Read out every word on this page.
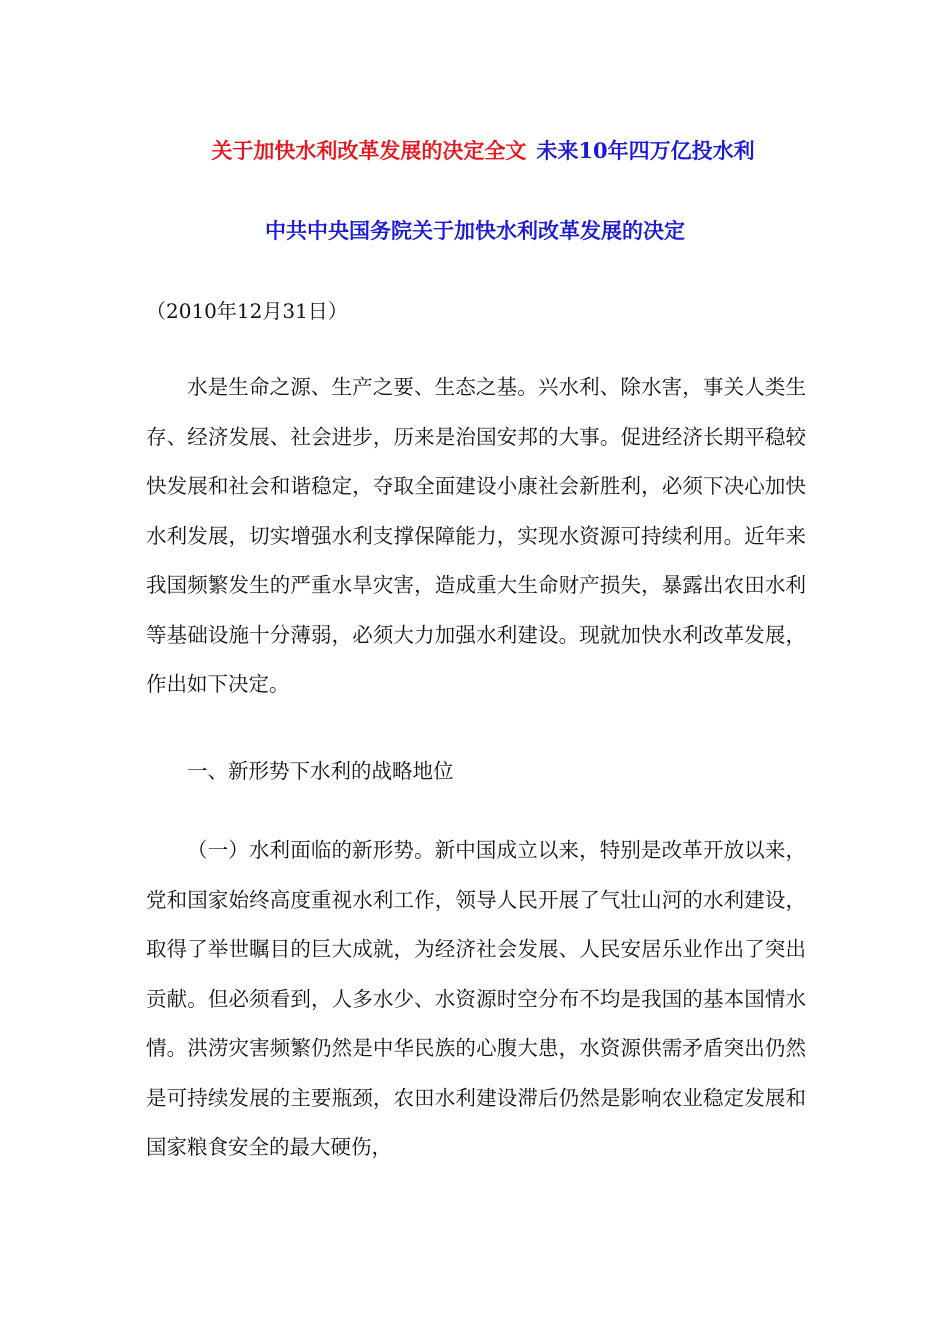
关于加快水利改革发展的决定全文 未来10年四万亿投水利
中共中央国务院关于加快水利改革发展的决定
（2010年12月31日）

水是生命之源、生产之要、生态之基。兴水利、除水害，事关人类生存、经济发展、社会进步，历来是治国安邦的大事。促进经济长期平稳较快发展和社会和谐稳定，夺取全面建设小康社会新胜利，必须下决心加快水利发展，切实增强水利支撑保障能力，实现水资源可持续利用。近年来我国频繁发生的严重水旱灾害，造成重大生命财产损失，暴露出农田水利等基础设施十分薄弱，必须大力加强水利建设。现就加快水利改革发展，作出如下决定。

一、新形势下水利的战略地位

（一）水利面临的新形势。新中国成立以来，特别是改革开放以来，党和国家始终高度重视水利工作，领导人民开展了气壮山河的水利建设，取得了举世瞩目的巨大成就，为经济社会发展、人民安居乐业作出了突出贡献。但必须看到，人多水少、水资源时空分布不均是我国的基本国情水情。洪涝灾害频繁仍然是中华民族的心腹大患，水资源供需矛盾突出仍然是可持续发展的主要瓶颈，农田水利建设滞后仍然是影响农业稳定发展和国家粮食安全的最大硬伤，
